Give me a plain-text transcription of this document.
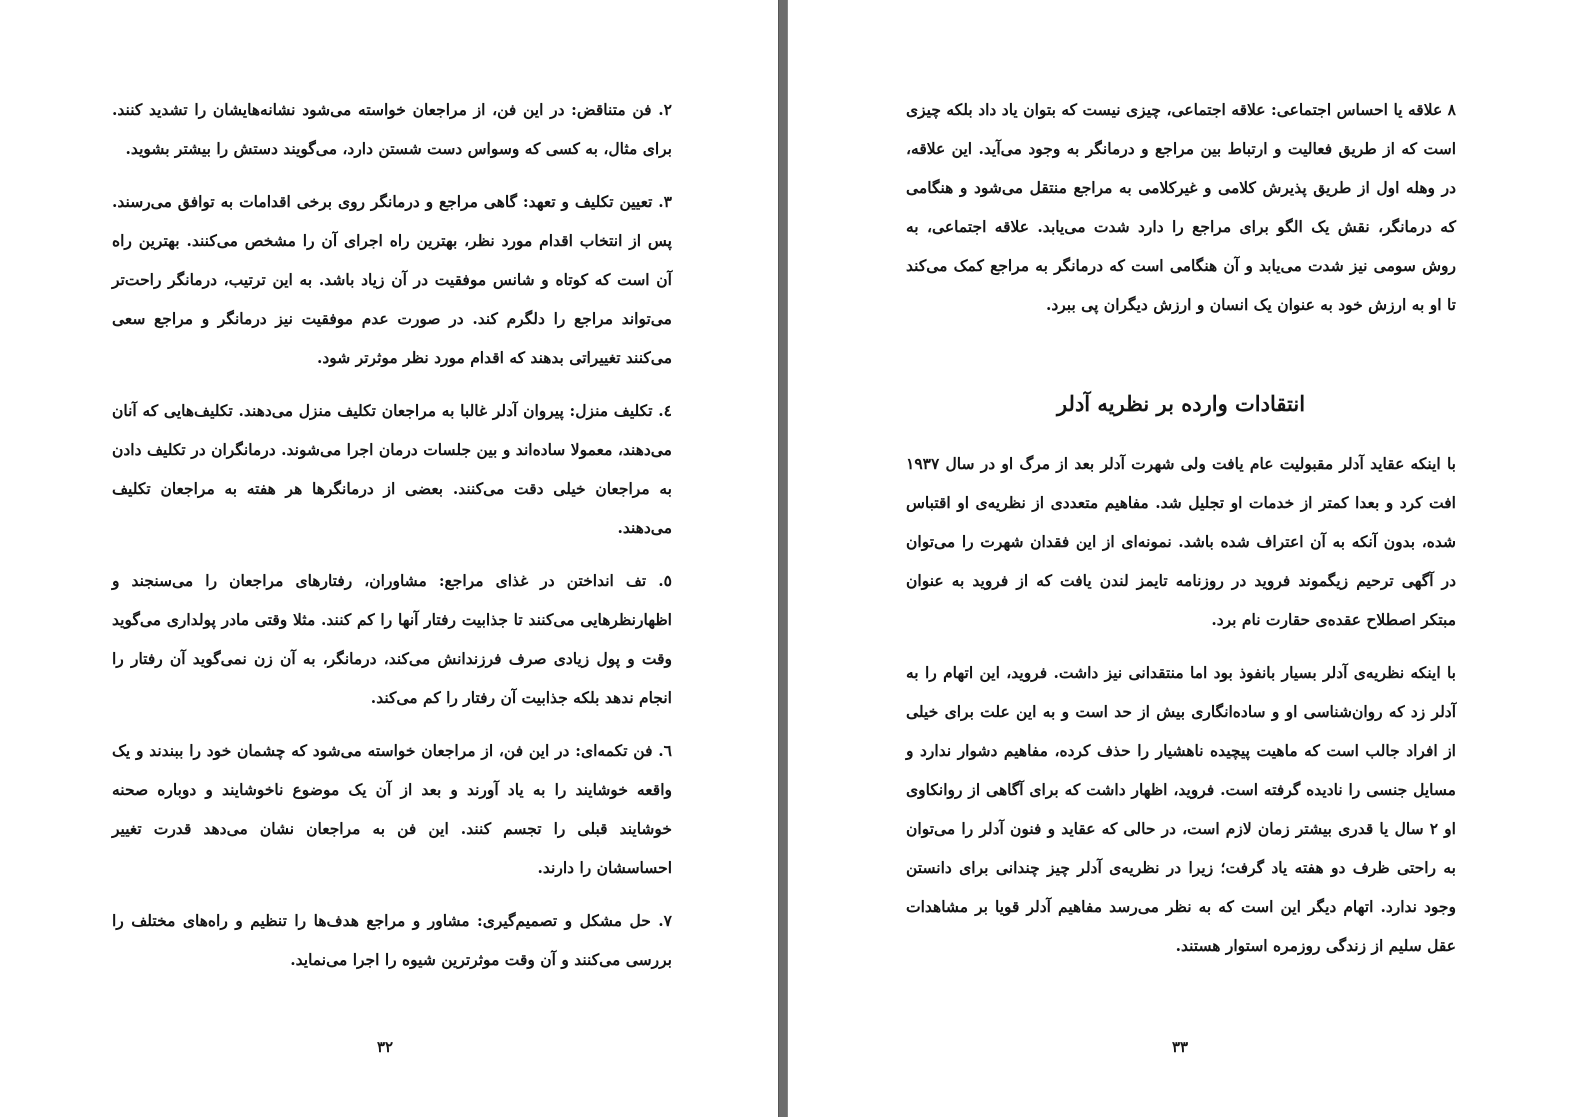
۲. فن متناقض: در این فن، از مراجعان خواسته می‌شود نشانه‌هایشان را تشدید کنند. برای مثال، به کسی که وسواس دست شستن دارد، می‌گویند دستش را بیشتر بشوید.

۳. تعیین تکلیف و تعهد: گاهی مراجع و درمانگر روی برخی اقدامات به توافق می‌رسند. پس از انتخاب اقدام مورد نظر، بهترین راه اجرای آن را مشخص می‌کنند. بهترین راه آن است که کوتاه و شانس موفقیت در آن زیاد باشد. به این ترتیب، درمانگر راحت‌تر می‌تواند مراجع را دلگرم کند. در صورت عدم موفقیت نیز درمانگر و مراجع سعی می‌کنند تغییراتی بدهند که اقدام مورد نظر موثرتر شود.

٤. تکلیف منزل: پیروان آدلر غالبا به مراجعان تکلیف منزل می‌دهند. تکلیف‌هایی که آنان می‌دهند، معمولا ساده‌اند و بین جلسات درمان اجرا می‌شوند. درمانگران در تکلیف دادن به مراجعان خیلی دقت می‌کنند. بعضی از درمانگرها هر هفته به مراجعان تکلیف می‌دهند.

٥. تف انداختن در غذای مراجع: مشاوران، رفتارهای مراجعان را می‌سنجند و اظهارنظرهایی می‌کنند تا جذابیت رفتار آنها را کم کنند. مثلا وقتی مادر پولداری می‌گوید وقت و پول زیادی صرف فرزندانش می‌کند، درمانگر، به آن زن نمی‌گوید آن رفتار را انجام ندهد بلکه جذابیت آن رفتار را کم می‌کند.

٦. فن تکمه‌ای: در این فن، از مراجعان خواسته می‌شود که چشمان خود را ببندند و یک واقعه خوشایند را به یاد آورند و بعد از آن یک موضوع ناخوشایند و دوباره صحنه خوشایند قبلی را تجسم کنند. این فن به مراجعان نشان می‌دهد قدرت تغییر احساسشان را دارند.

۷. حل مشکل و تصمیم‌گیری: مشاور و مراجع هدف‌ها را تنظیم و راه‌های مختلف را بررسی می‌کنند و آن وقت موثرترین شیوه را اجرا می‌نماید.

۳۲

۸ علاقه یا احساس اجتماعی: علاقه اجتماعی، چیزی نیست که بتوان یاد داد بلکه چیزی است که از طریق فعالیت و ارتباط بین مراجع و درمانگر به وجود می‌آید. این علاقه، در وهله اول از طریق پذیرش کلامی و غیرکلامی به مراجع منتقل می‌شود و هنگامی که درمانگر، نقش یک الگو برای مراجع را دارد شدت می‌یابد. علاقه اجتماعی، به روش سومی نیز شدت می‌یابد و آن هنگامی است که درمانگر به مراجع کمک می‌کند تا او به ارزش خود به عنوان یک انسان و ارزش دیگران پی ببرد.

انتقادات وارده بر نظریه آدلر

با اینکه عقاید آدلر مقبولیت عام یافت ولی شهرت آدلر بعد از مرگ او در سال ۱۹۳۷ افت کرد و بعدا کمتر از خدمات او تجلیل شد. مفاهیم متعددی از نظریه‌ی او اقتباس شده، بدون آنکه به آن اعتراف شده باشد. نمونه‌ای از این فقدان شهرت را می‌توان در آگهی ترحیم زیگموند فروید در روزنامه تایمز لندن یافت که از فروید به عنوان مبتکر اصطلاح عقده‌ی حقارت نام برد.

با اینکه نظریه‌ی آدلر بسیار بانفوذ بود اما منتقدانی نیز داشت. فروید، این اتهام را به آدلر زد که روان‌شناسی او و ساده‌انگاری بیش از حد است و به این علت برای خیلی از افراد جالب است که ماهیت پیچیده ناهشیار را حذف کرده، مفاهیم دشوار ندارد و مسایل جنسی را نادیده گرفته است. فروید، اظهار داشت که برای آگاهی از روانکاوی او ۲ سال یا قدری بیشتر زمان لازم است، در حالی که عقاید و فنون آدلر را می‌توان به راحتی ظرف دو هفته یاد گرفت؛ زیرا در نظریه‌ی آدلر چیز چندانی برای دانستن وجود ندارد. اتهام دیگر این است که به نظر می‌رسد مفاهیم آدلر قویا بر مشاهدات عقل سلیم از زندگی روزمره استوار هستند.

۳۳
